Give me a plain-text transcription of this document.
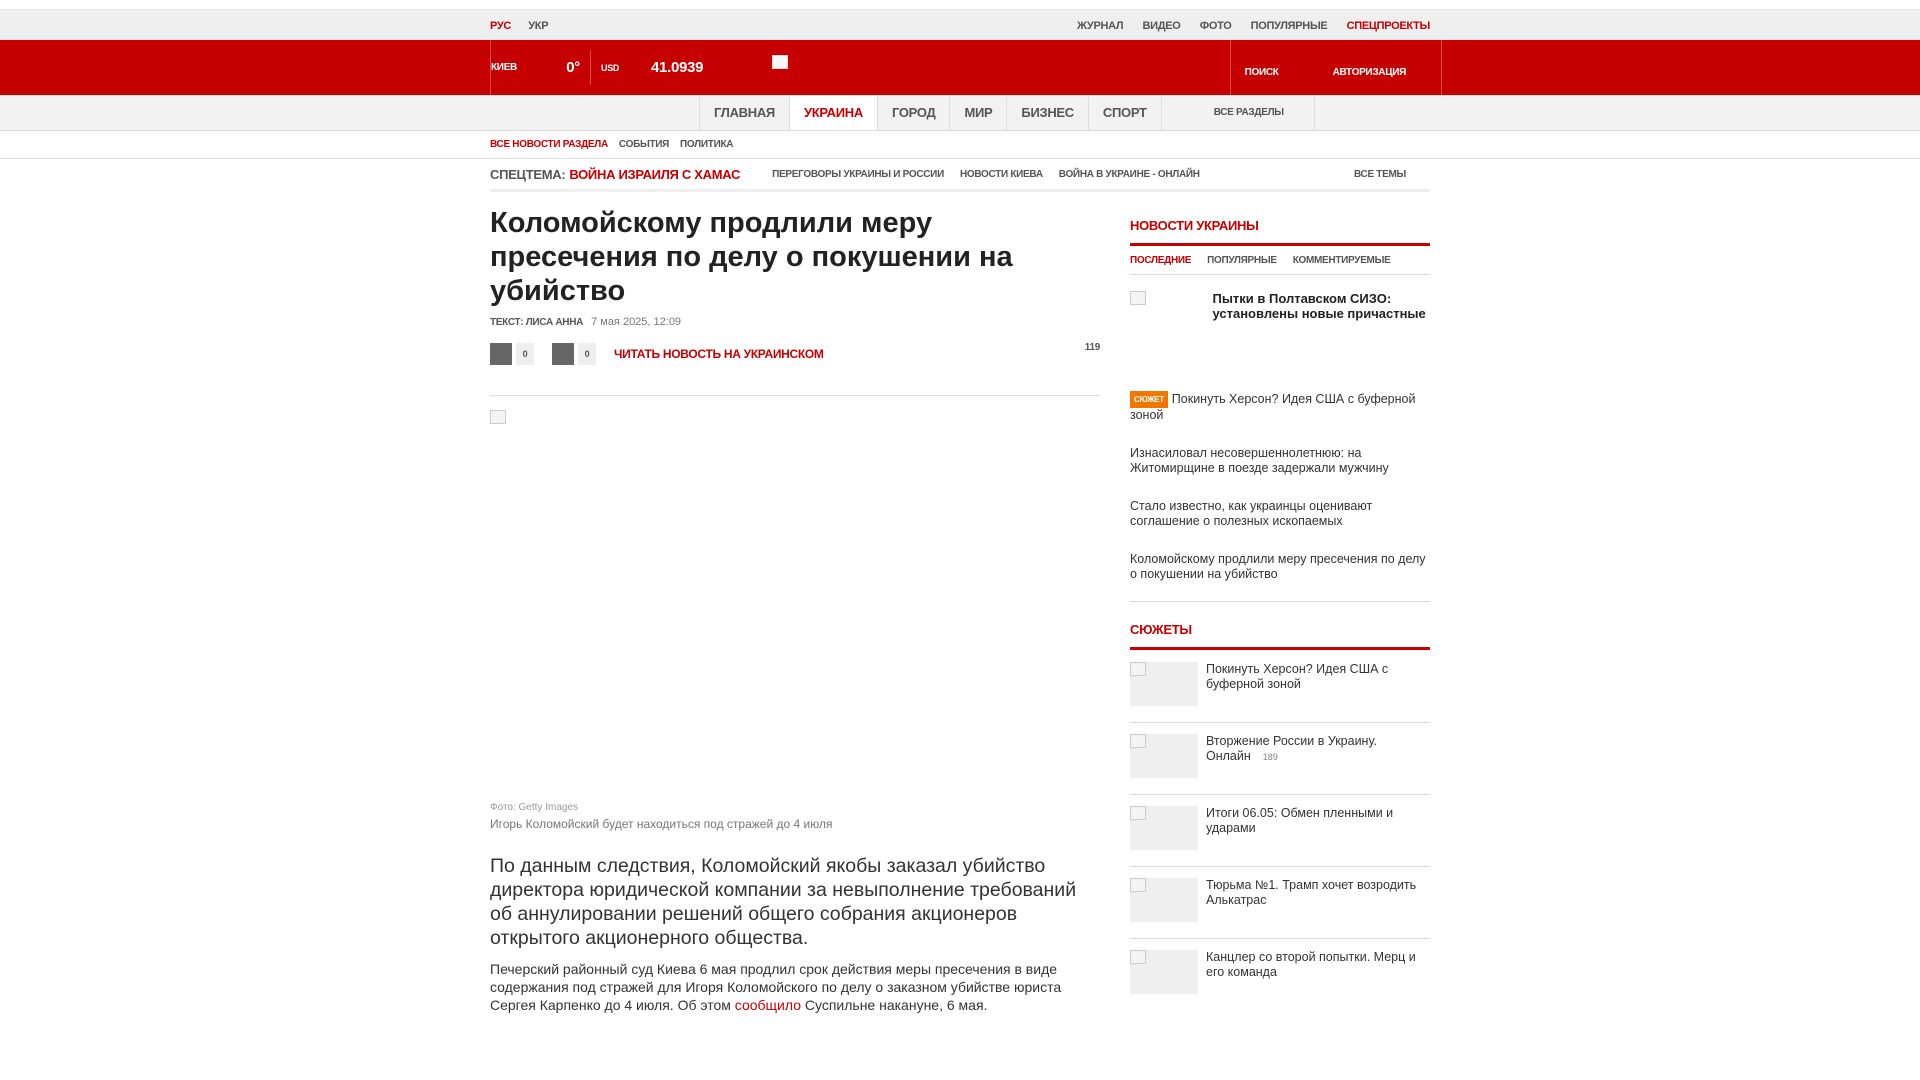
РУС УКР	ЖУРНАЛ ВИДЕО ФОТО ПОПУЛЯРНЫЕ СПЕЦПРОЕКТЫ
КИЕВ	0° USD	41.0939	ПОИСК	АВТОРИЗАЦИЯ
ГЛАВНАЯ	УКРАИНА	ГОРОД	МИР	БИЗНЕС	СПОРТ	ВСЕ РАЗДЕЛЫ
ВСЕ НОВОСТИ РАЗДЕЛА СОБЫТИЯ ПОЛИТИКА
СПЕЦТЕМА: ВОЙНА ИЗРАИЛЯ С ХАМАС	ПЕРЕГОВОРЫ УКРАИНЫ И РОССИИ НОВОСТИ КИЕВА ВОЙНА В УКРАИНЕ - ОНЛАЙН	ВСЕ ТЕМЫ
Коломойскому продлили меру пресечения по делу о покушении на убийство
ТЕКСТ: ЛИСА АННА 7 мая 2025, 12:09
0	0	ЧИТАТЬ НОВОСТЬ НА УКРАИНСКОМ	119
Фото: Getty Images
Игорь Коломойский будет находиться под стражей до 4 июля

По данным следствия, Коломойский якобы заказал убийство директора юридической компании за невыполнение требований об аннулировании решений общего собрания акционеров открытого акционерного общества.

Печерский районный суд Киева 6 мая продлил срок действия меры пресечения в виде содержания под стражей для Игоря Коломойского по делу о заказном убийстве юриста Сергея Карпенко до 4 июля. Об этом сообщило Суспильне накануне, 6 мая.

НОВОСТИ УКРАИНЫ
ПОСЛЕДНИЕ ПОПУЛЯРНЫЕ КОММЕНТИРУЕМЫЕ
Пытки в Полтавском СИЗО: установлены новые причастные
СЮЖЕТ Покинуть Херсон? Идея США с буферной зоной
Изнасиловал несовершеннолетнюю: на Житомирщине в поезде задержали мужчину
Стало известно, как украинцы оценивают соглашение о полезных ископаемых
Коломойскому продлили меру пресечения по делу о покушении на убийство
СЮЖЕТЫ
Покинуть Херсон? Идея США с буферной зоной
Вторжение России в Украину. Онлайн 189
Итоги 06.05: Обмен пленными и ударами
Тюрьма №1. Трамп хочет возродить Алькатрас
Канцлер со второй попытки. Мерц и его команда
